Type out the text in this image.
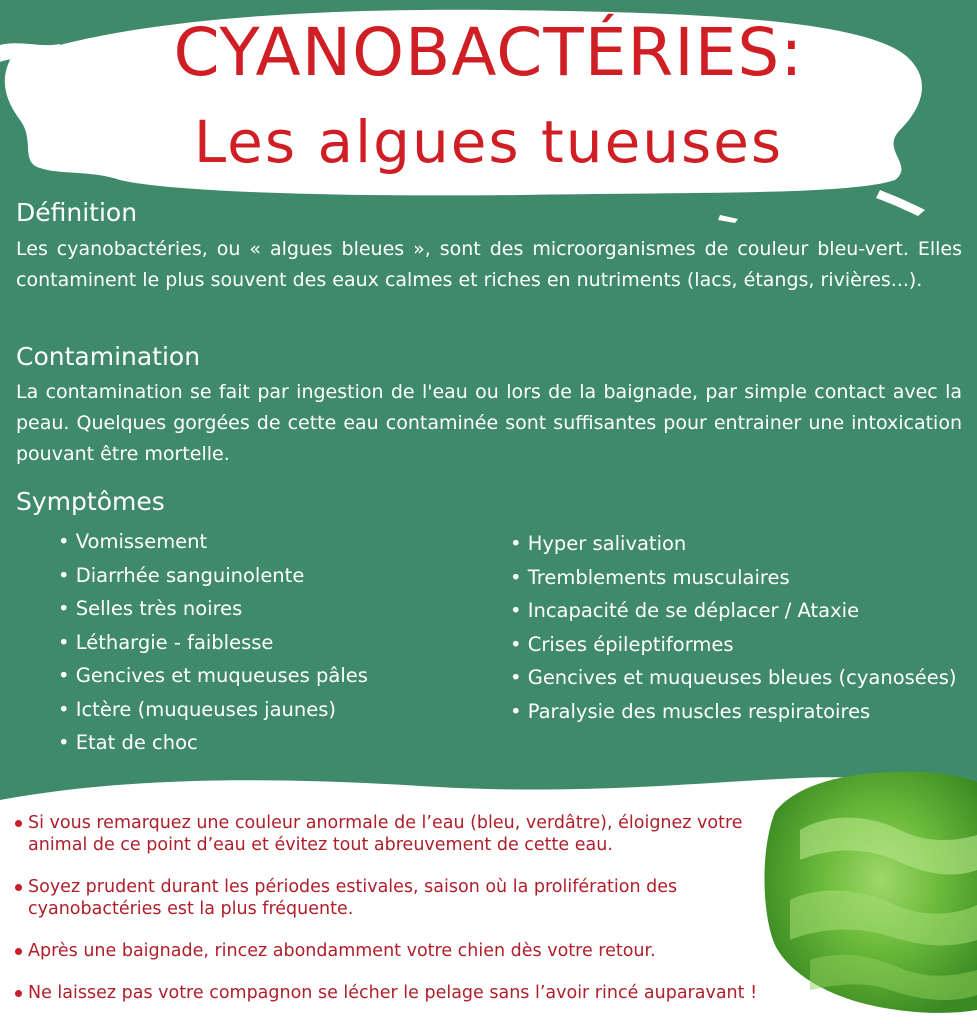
CYANOBACTÉRIES:
Les algues tueuses
Définition

Les cyanobactéries, ou « algues bleues », sont des microorganismes de couleur bleu-vert. Elles contaminent le plus souvent des eaux calmes et riches en nutriments (lacs, étangs, rivières...).

Contamination

La contamination se fait par ingestion de l'eau ou lors de la baignade, par simple contact avec la peau. Quelques gorgées de cette eau contaminée sont suffisantes pour entrainer une intoxication pouvant être mortelle.

Symptômes
• Vomissement
• Diarrhée sanguinolente
• Selles très noires
• Léthargie - faiblesse
• Gencives et muqueuses pâles
• Ictère (muqueuses jaunes)
• Etat de choc
• Hyper salivation
• Tremblements musculaires
• Incapacité de se déplacer / Ataxie
• Crises épileptiformes
• Gencives et muqueuses bleues (cyanosées)
• Paralysie des muscles respiratoires
Si vous remarquez une couleur anormale de l’eau (bleu, verdâtre), éloignez votre animal de ce point d’eau et évitez tout abreuvement de cette eau.
Soyez prudent durant les périodes estivales, saison où la prolifération des cyanobactéries est la plus fréquente.
Après une baignade, rincez abondamment votre chien dès votre retour.
Ne laissez pas votre compagnon se lécher le pelage sans l’avoir rincé auparavant !
